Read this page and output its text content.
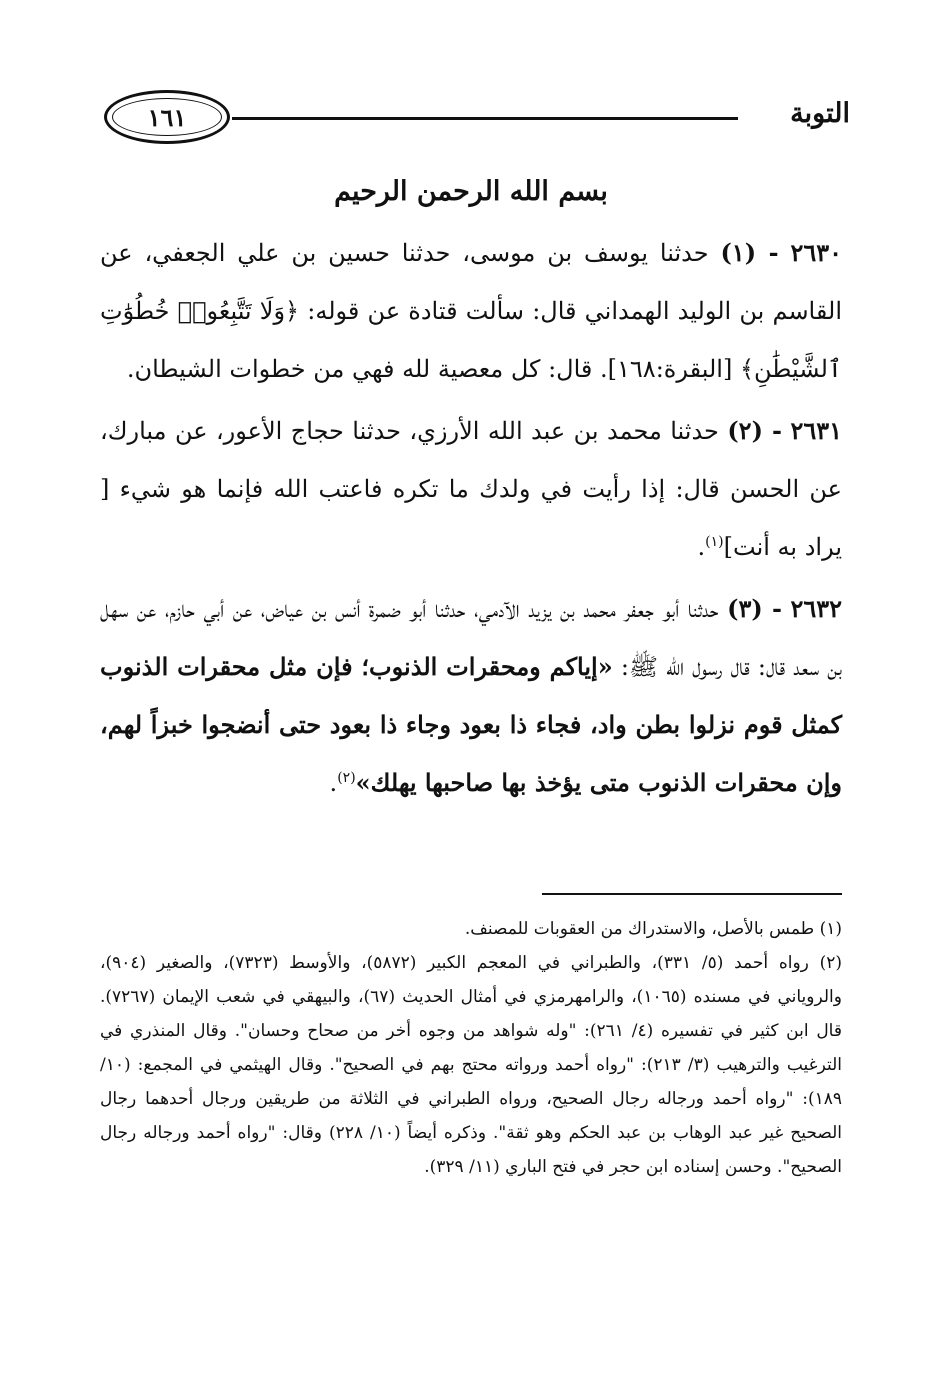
التوبة
١٦١
بسم الله الرحمن الرحيم

٢٦٣٠ - (١) حدثنا يوسف بن موسى، حدثنا حسين بن علي الجعفي، عن القاسم بن الوليد الهمداني قال: سألت قتادة عن قوله: ﴿وَلَا تَتَّبِعُوا۟ خُطُوَٰتِ ٱلشَّيْطَٰنِ﴾ [البقرة:١٦٨]. قال: كل معصية لله فهي من خطوات الشيطان.

٢٦٣١ - (٢) حدثنا محمد بن عبد الله الأرزي، حدثنا حجاج الأعور، عن مبارك، عن الحسن قال: إذا رأيت في ولدك ما تكره فاعتب الله فإنما هو شيء [ يراد به أنت]$^{(١)}$.

٢٦٣٢ - (٣) حدثنا أبو جعفر محمد بن يزيد الآدمي، حدثنا أبو ضمرة أنس بن عياض، عن أبي حازم، عن سهل بن سعد قال: قال رسول الله ﷺ: «إياكم ومحقرات الذنوب؛ فإن مثل محقرات الذنوب كمثل قوم نزلوا بطن واد، فجاء ذا بعود وجاء ذا بعود حتى أنضجوا خبزاً لهم، وإن محقرات الذنوب متى يؤخذ بها صاحبها يهلك»$^{(٢)}$.

(١) طمس بالأصل، والاستدراك من العقوبات للمصنف.

(٢) رواه أحمد (٥/ ٣٣١)، والطبراني في المعجم الكبير (٥٨٧٢)، والأوسط (٧٣٢٣)، والصغير (٩٠٤)، والروياني في مسنده (١٠٦٥)، والرامهرمزي في أمثال الحديث (٦٧)، والبيهقي في شعب الإيمان (٧٢٦٧). قال ابن كثير في تفسيره (٤/ ٢٦١): "وله شواهد من وجوه أخر من صحاح وحسان". وقال المنذري في الترغيب والترهيب (٣/ ٢١٣): "رواه أحمد ورواته محتج بهم في الصحيح". وقال الهيثمي في المجمع: (١٠/ ١٨٩): "رواه أحمد ورجاله رجال الصحيح، ورواه الطبراني في الثلاثة من طريقين ورجال أحدهما رجال الصحيح غير عبد الوهاب بن عبد الحكم وهو ثقة". وذكره أيضاً (١٠/ ٢٢٨) وقال: "رواه أحمد ورجاله رجال الصحيح". وحسن إسناده ابن حجر في فتح الباري (١١/ ٣٢٩).
